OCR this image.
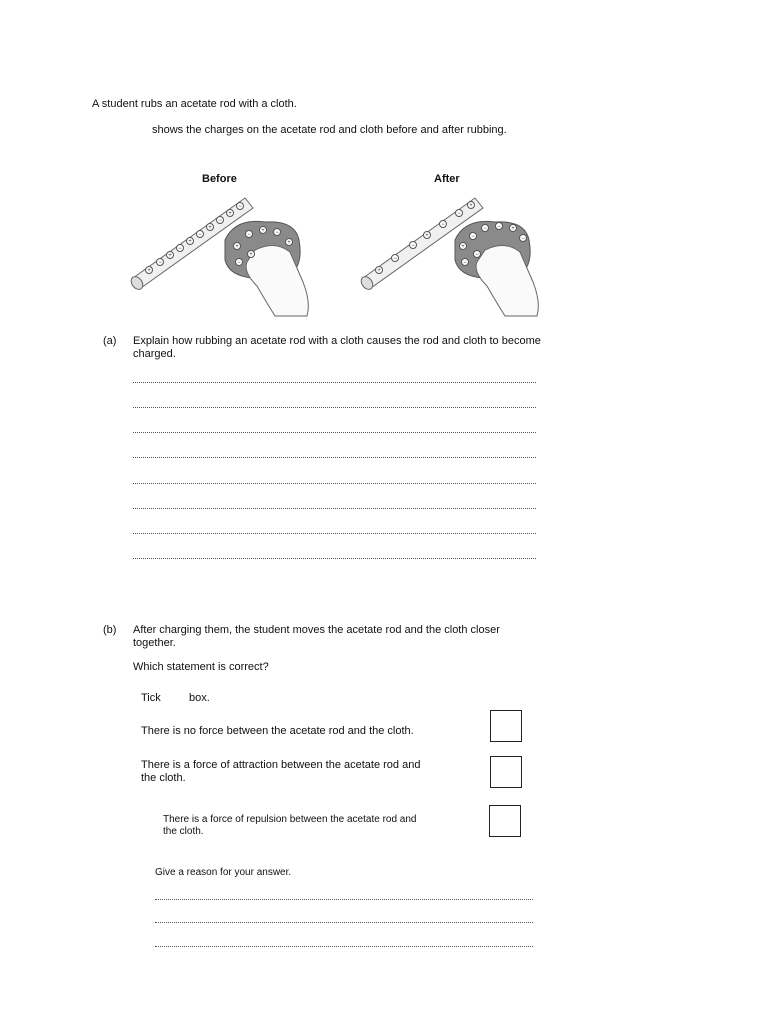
A student rubs an acetate rod with a cloth.
shows the charges on the acetate rod and cloth before and after rubbing.
Before	After
+
−
+
−
+
−
+
−
+
−
+
−
+ −
+
−
+
+
−
−
+
−
−
+
+
−
− − +
−
−
−
(a) Explain how rubbing an acetate rod with a cloth causes the rod and cloth to become
charged.
(b) After charging them, the student moves the acetate rod and the cloth closer
together.
Which statement is correct?
Tick	box.
There is no force between the acetate rod and the cloth.
There is a force of attraction between the acetate rod and
the cloth.
There is a force of repulsion between the acetate rod and
the cloth.
Give a reason for your answer.
